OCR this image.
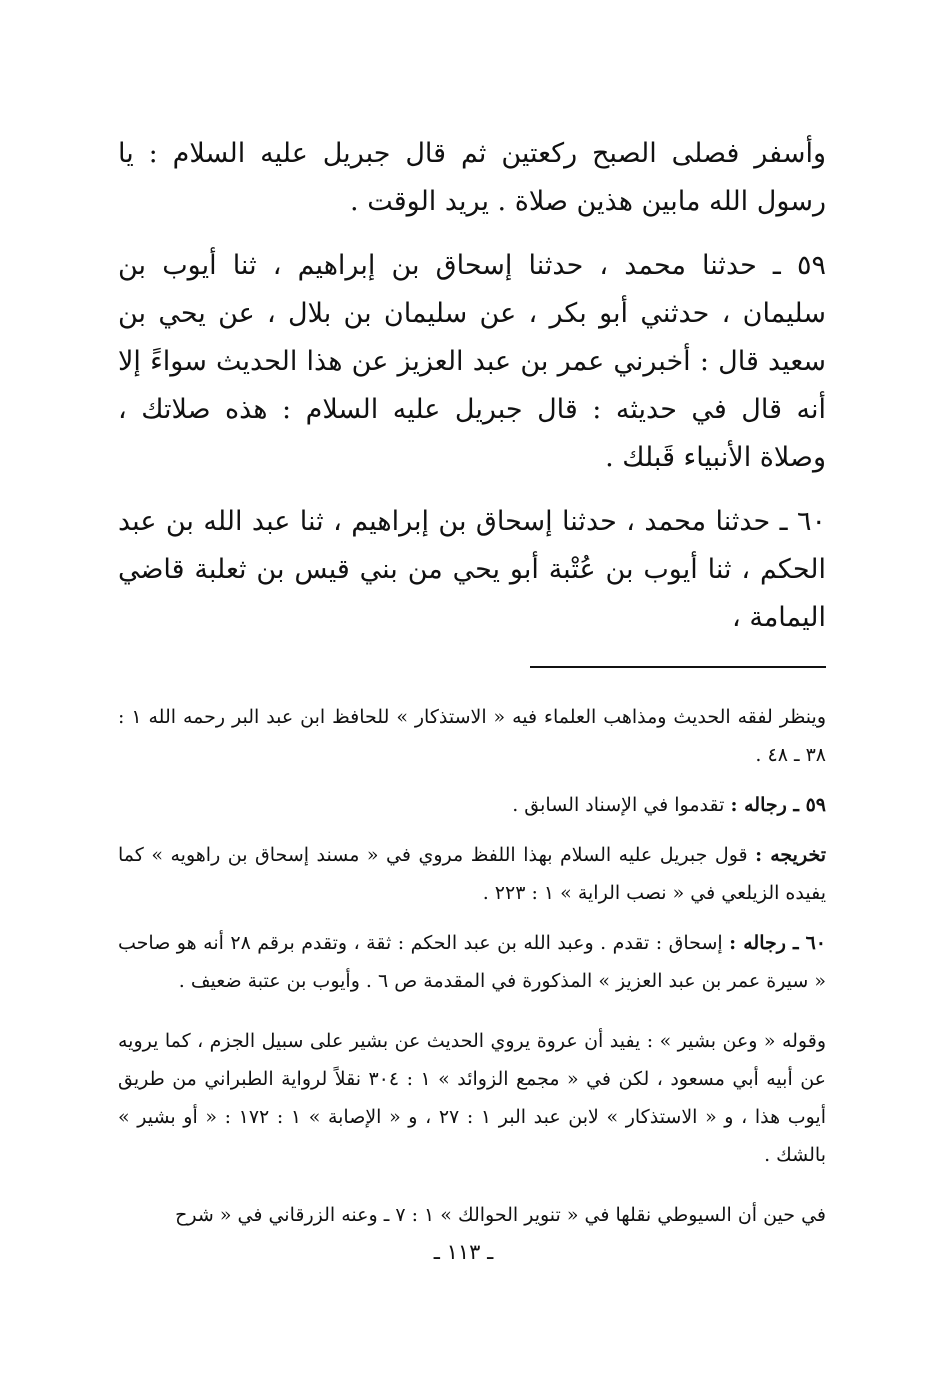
وأسفر فصلى الصبح ركعتين ثم قال جبريل عليه السلام : يا رسول الله مابين هذين صلاة . يريد الوقت .

٥٩ ـ حدثنا محمد ، حدثنا إسحاق بن إبراهيم ، ثنا أيوب بن سليمان ، حدثني أبو بكر ، عن سليمان بن بلال ، عن يحي بن سعيد قال : أخبرني عمر بن عبد العزيز عن هذا الحديث سواءً إلا أنه قال في حديثه : قال جبريل عليه السلام : هذه صلاتك ، وصلاة الأنبياء قَبلك .

٦٠ ـ حدثنا محمد ، حدثنا إسحاق بن إبراهيم ، ثنا عبد الله بن عبد الحكم ، ثنا أيوب بن عُتْبة أبو يحي من بني قيس بن ثعلبة قاضي اليمامة ،

وينظر لفقه الحديث ومذاهب العلماء فيه « الاستذكار » للحافظ ابن عبد البر رحمه الله ١ : ٣٨ ـ ٤٨ .

٥٩ ـ رجاله : تقدموا في الإسناد السابق .

تخريجه : قول جبريل عليه السلام بهذا اللفظ مروي في « مسند إسحاق بن راهويه » كما يفيده الزيلعي في « نصب الراية » ١ : ٢٢٣ .

٦٠ ـ رجاله : إسحاق : تقدم . وعبد الله بن عبد الحكم : ثقة ، وتقدم برقم ٢٨ أنه هو صاحب « سيرة عمر بن عبد العزيز » المذكورة في المقدمة ص ٦ . وأيوب بن عتبة ضعيف .

وقوله « وعن بشير » : يفيد أن عروة يروي الحديث عن بشير على سبيل الجزم ، كما يرويه عن أبيه أبي مسعود ، لكن في « مجمع الزوائد » ١ : ٣٠٤ نقلاً لرواية الطبراني من طريق أيوب هذا ، و « الاستذكار » لابن عبد البر ١ : ٢٧ ، و « الإصابة » ١ : ١٧٢ : « أو بشير » بالشك .

في حين أن السيوطي نقلها في « تنوير الحوالك » ١ : ٧ ـ وعنه الزرقاني في « شرح

ـ ١١٣ ـ
